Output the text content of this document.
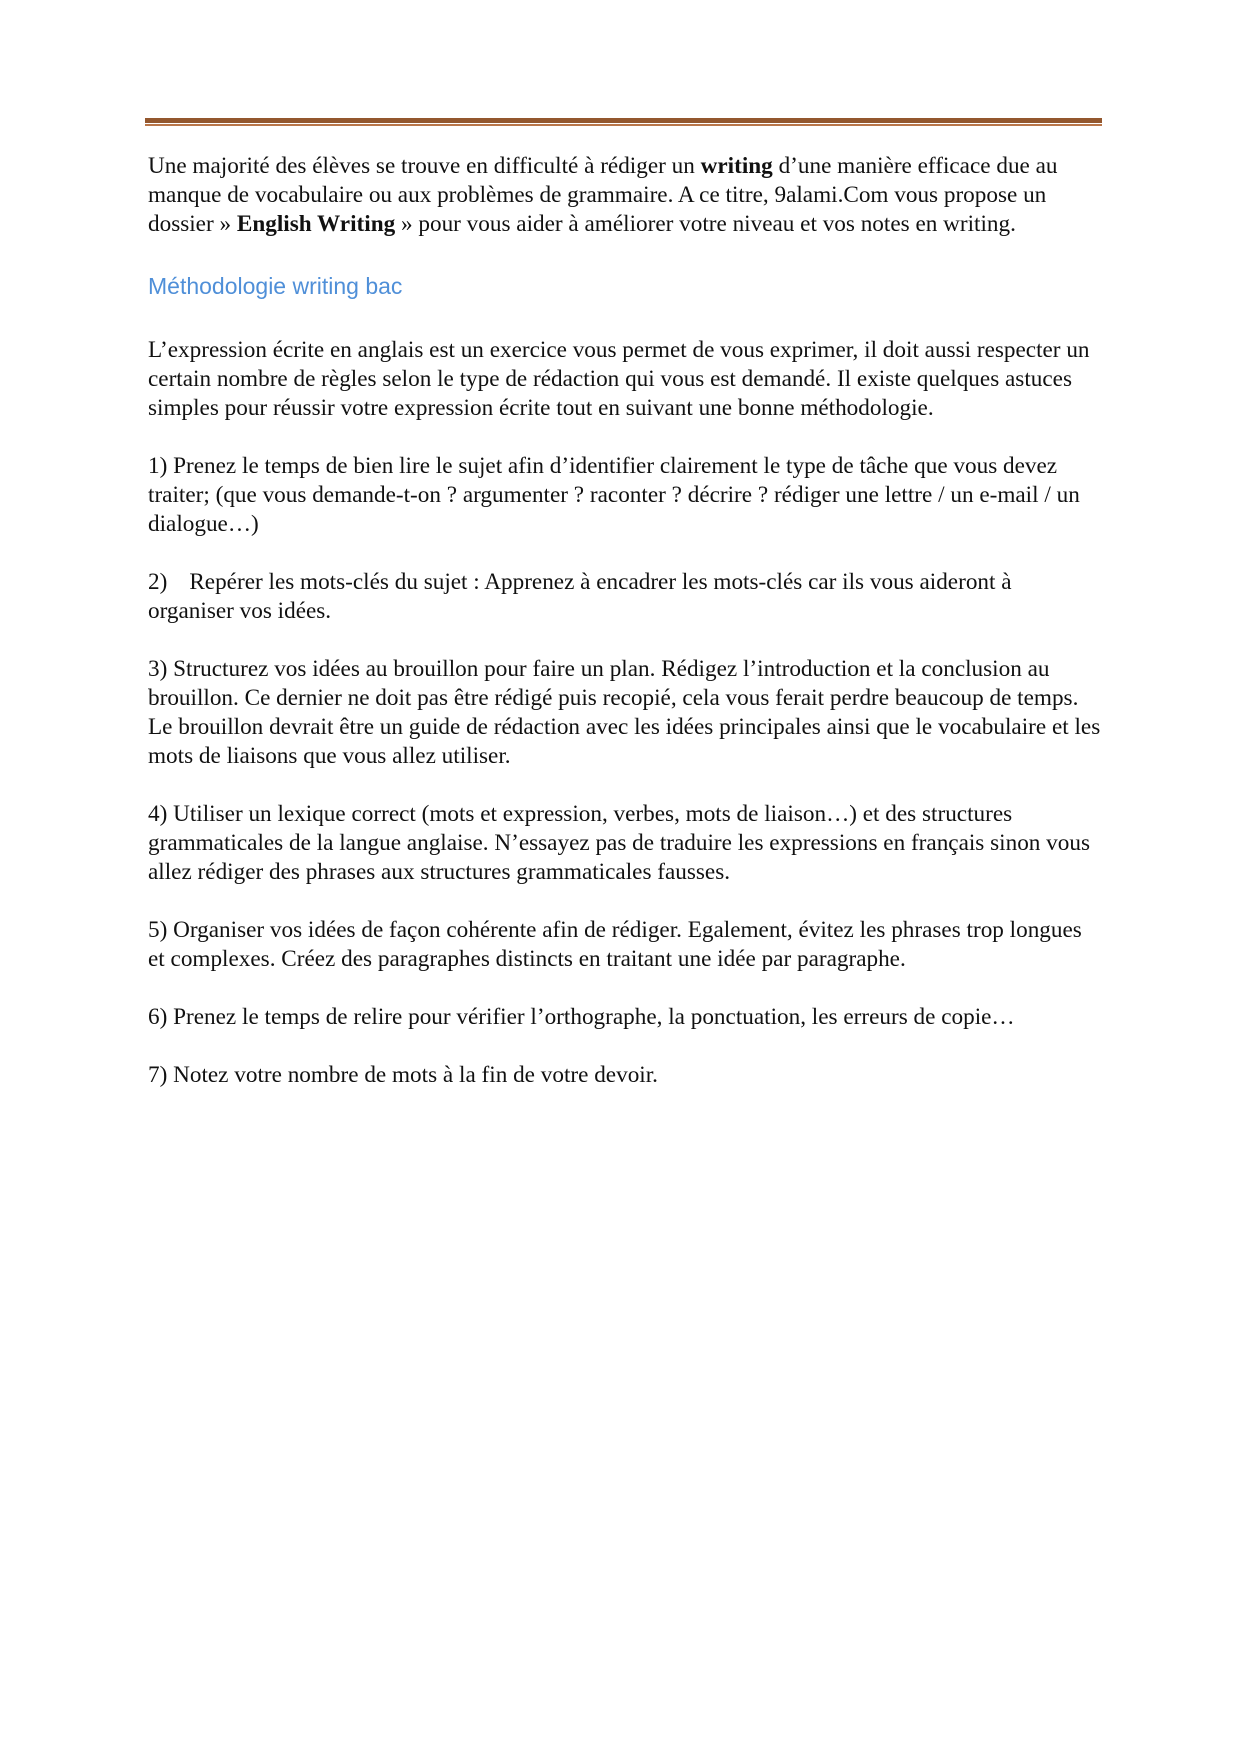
Une majorité des élèves se trouve en difficulté à rédiger un writing d’une manière efficace due au manque de vocabulaire ou aux problèmes de grammaire. A ce titre, 9alami.Com vous propose un dossier » English Writing » pour vous aider à améliorer votre niveau et vos notes en writing.

Méthodologie writing bac

L’expression écrite en anglais est un exercice vous permet de vous exprimer, il doit aussi respecter un certain nombre de règles selon le type de rédaction qui vous est demandé. Il existe quelques astuces simples pour réussir votre expression écrite tout en suivant une bonne méthodologie.

1) Prenez le temps de bien lire le sujet afin d’identifier clairement le type de tâche que vous devez traiter; (que vous demande-t-on ? argumenter ? raconter ? décrire ? rédiger une lettre / un e-mail / un dialogue…)

2) Repérer les mots-clés du sujet : Apprenez à encadrer les mots-clés car ils vous aideront à organiser vos idées.

3) Structurez vos idées au brouillon pour faire un plan. Rédigez l’introduction et la conclusion au brouillon. Ce dernier ne doit pas être rédigé puis recopié, cela vous ferait perdre beaucoup de temps. Le brouillon devrait être un guide de rédaction avec les idées principales ainsi que le vocabulaire et les mots de liaisons que vous allez utiliser.

4) Utiliser un lexique correct (mots et expression, verbes, mots de liaison…) et des structures grammaticales de la langue anglaise. N’essayez pas de traduire les expressions en français sinon vous allez rédiger des phrases aux structures grammaticales fausses.

5) Organiser vos idées de façon cohérente afin de rédiger. Egalement, évitez les phrases trop longues et complexes. Créez des paragraphes distincts en traitant une idée par paragraphe.

6) Prenez le temps de relire pour vérifier l’orthographe, la ponctuation, les erreurs de copie…

7) Notez votre nombre de mots à la fin de votre devoir.
